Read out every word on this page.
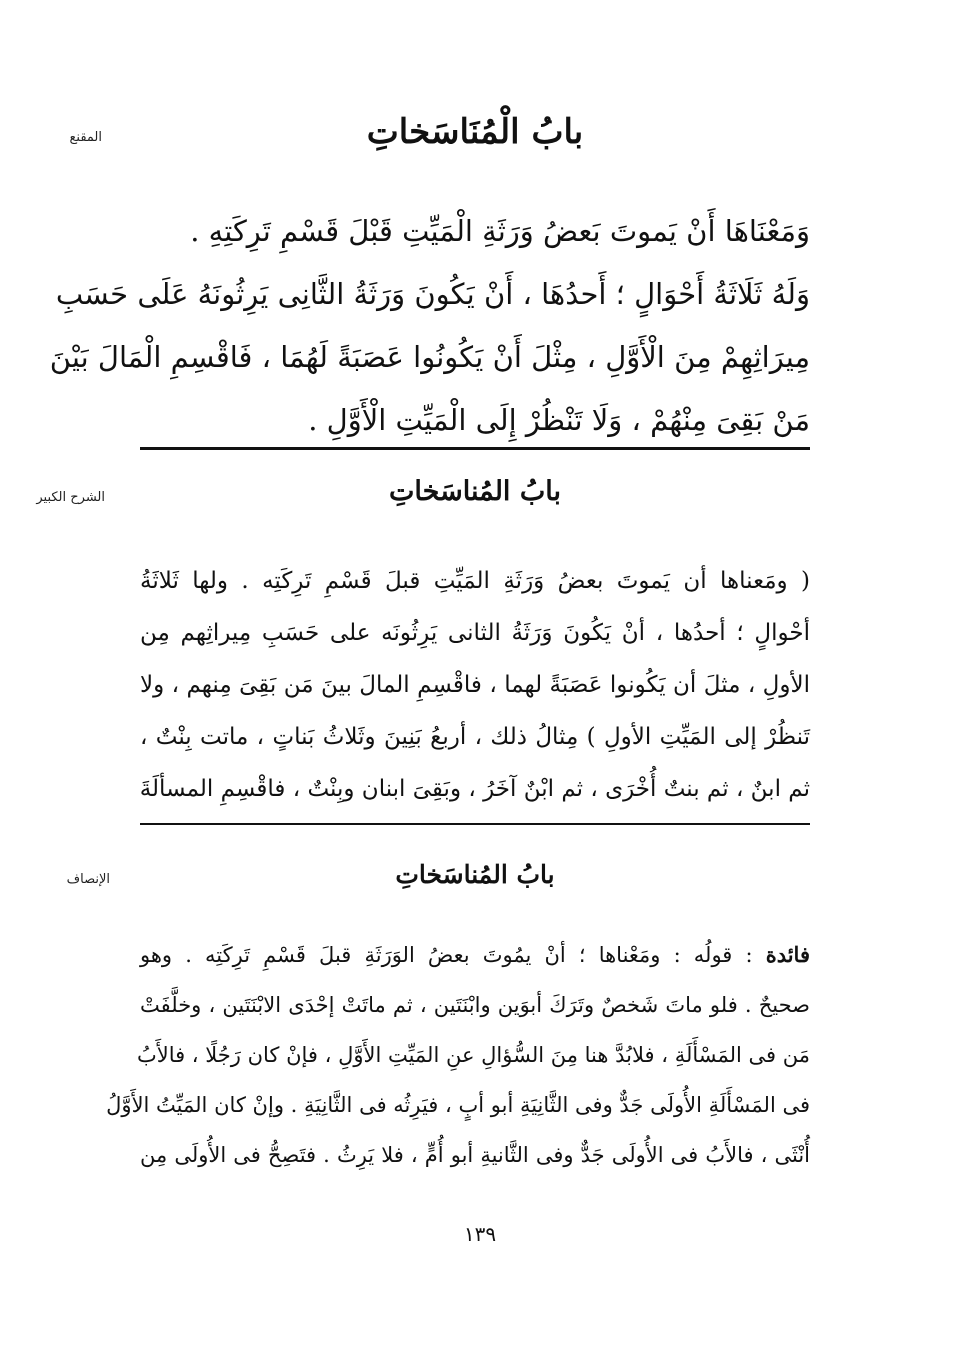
المقنع	بابُ الْمُنَاسَخاتِ
وَمَعْنَاهَا أَنْ يَموتَ بَعضُ وَرَثَةِ الْمَيِّتِ قَبْلَ قَسْمِ تَرِكَتِهِ .
وَلَهُ ثَلَاثَةُ أَحْوَالٍ ؛ أَحدُهَا ، أَنْ يَكُونَ وَرَثَةُ الثَّانِى يَرِثُونَهُ عَلَى حَسَبِ
مِيرَاثِهِمْ مِنَ الْأَوَّلِ ، مِثْلَ أَنْ يَكُونُوا عَصَبَةً لَهُمَا ، فَاقْسِمِ الْمَالَ بَيْنَ
مَنْ بَقِىَ مِنْهُمْ ، وَلَا تَنْظُرْ إِلَى الْمَيِّتِ الْأَوَّلِ .
الشرح الكبير	بابُ المُناسَخاتِ
( ومَعناها أن يَموتَ بعضُ وَرَثَةِ المَيِّتِ قبلَ قَسْمِ تَرِكَتِه . ولها ثَلاثَةُ
أحْوالٍ ؛ أحدُها ، أنْ يَكُونَ وَرَثَةُ الثانى يَرِثُونَه على حَسَبِ مِيراثِهم مِن
الأولِ ، مثلَ أن يَكُونوا عَصَبَةً لهما ، فاقْسِمِ المالَ بينَ مَن بَقِىَ مِنهم ، ولا
تَنظُرْ إلى المَيِّتِ الأولِ ) مِثالُ ذلك ، أربعُ بَنِينَ وثَلاثُ بَناتٍ ، ماتت بِنْتٌ ،
ثم ابنٌ ، ثم بنتٌ أُخْرَى ، ثم ابْنٌ آخَرُ ، وبَقِىَ ابنان وبِنْتٌ ، فاقْسِمِ المسألَةَ
الإنصاف	بابُ المُناسَخاتِ
فائدة : قولُه : ومَعْناها ؛ أنْ يمُوتَ بعضُ الوَرَثَةِ قبلَ قَسْمِ تَرِكَتِه . وهو
صحيحٌ . فلو ماتَ شَخصٌ وتَرَكَ أبوَين وابْنَتَين ، ثم ماتَتْ إحْدَى الابْنَتَين ، وخلَّفَتْ
مَن فى المَسْأَلَةِ ، فلابُدَّ هنا مِنَ السُّؤالِ عنِ المَيِّتِ الأَوَّلِ ، فإنْ كان رَجُلًا ، فالأَبُ
فى المَسْأَلَةِ الأُولَى جَدٌّ وفى الثَّانِيَةِ أبو أبٍ ، فيَرِثُه فى الثَّانِيَةِ . وإنْ كان المَيِّتُ الأَوَّلُ
أُنْثَى ، فالأَبُ فى الأُولَى جَدٌّ وفى الثَّانيةِ أبو أُمٍّ ، فلا يَرِثُ . فتَصِحُّ فى الأُولَى مِن
١٣٩
